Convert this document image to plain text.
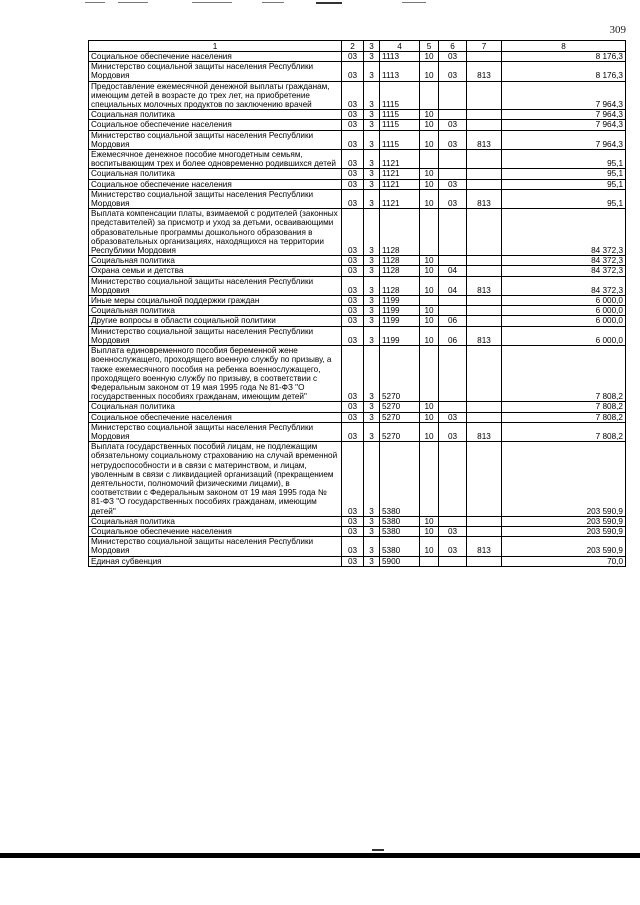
309
1	2	3	4	5	6	7	8
Социальное обеспечение населения	03	3	1113	10	03		8 176,3
Министерство социальной защиты населения Республики Мордовия	03	3	1113	10	03	813	8 176,3
Предоставление ежемесячной денежной выплаты гражданам, имеющим детей в возрасте до трех лет, на приобретение специальных молочных продуктов по заключению врачей	03	3	1115				7 964,3
Социальная политика	03	3	1115	10			7 964,3
Социальное обеспечение населения	03	3	1115	10	03		7 964,3
Министерство социальной защиты населения Республики Мордовия	03	3	1115	10	03	813	7 964,3
Ежемесячное денежное пособие многодетным семьям, воспитывающим трех и более одновременно родившихся детей	03	3	1121				95,1
Социальная политика	03	3	1121	10			95,1
Социальное обеспечение населения	03	3	1121	10	03		95,1
Министерство социальной защиты населения Республики Мордовия	03	3	1121	10	03	813	95,1
Выплата компенсации платы, взимаемой с родителей (законных представителей) за присмотр и уход за детьми, осваивающими образовательные программы дошкольного образования в образовательных организациях, находящихся на территории Республики Мордовия	03	3	1128				84 372,3
Социальная политика	03	3	1128	10			84 372,3
Охрана семьи и детства	03	3	1128	10	04		84 372,3
Министерство социальной защиты населения Республики Мордовия	03	3	1128	10	04	813	84 372,3
Иные меры социальной поддержки граждан	03	3	1199				6 000,0
Социальная политика	03	3	1199	10			6 000,0
Другие вопросы в области социальной политики	03	3	1199	10	06		6 000,0
Министерство социальной защиты населения Республики Мордовия	03	3	1199	10	06	813	6 000,0
Выплата единовременного пособия беременной жене военнослужащего, проходящего военную службу по призыву, а также ежемесячного пособия на ребенка военнослужащего, проходящего военную службу по призыву, в соответствии с Федеральным законом от 19 мая 1995 года № 81-ФЗ "О государственных пособиях гражданам, имеющим детей"	03	3	5270				7 808,2
Социальная политика	03	3	5270	10			7 808,2
Социальное обеспечение населения	03	3	5270	10	03		7 808,2
Министерство социальной защиты населения Республики Мордовия	03	3	5270	10	03	813	7 808,2
Выплата государственных пособий лицам, не подлежащим обязательному социальному страхованию на случай временной нетрудоспособности и в связи с материнством, и лицам, уволенным в связи с ликвидацией организаций (прекращением деятельности, полномочий физическими лицами), в соответствии с Федеральным законом от 19 мая 1995 года № 81-ФЗ "О государственных пособиях гражданам, имеющим детей"	03	3	5380				203 590,9
Социальная политика	03	3	5380	10			203 590,9
Социальное обеспечение населения	03	3	5380	10	03		203 590,9
Министерство социальной защиты населения Республики Мордовия	03	3	5380	10	03	813	203 590,9
Единая субвенция	03	3	5900				70,0
